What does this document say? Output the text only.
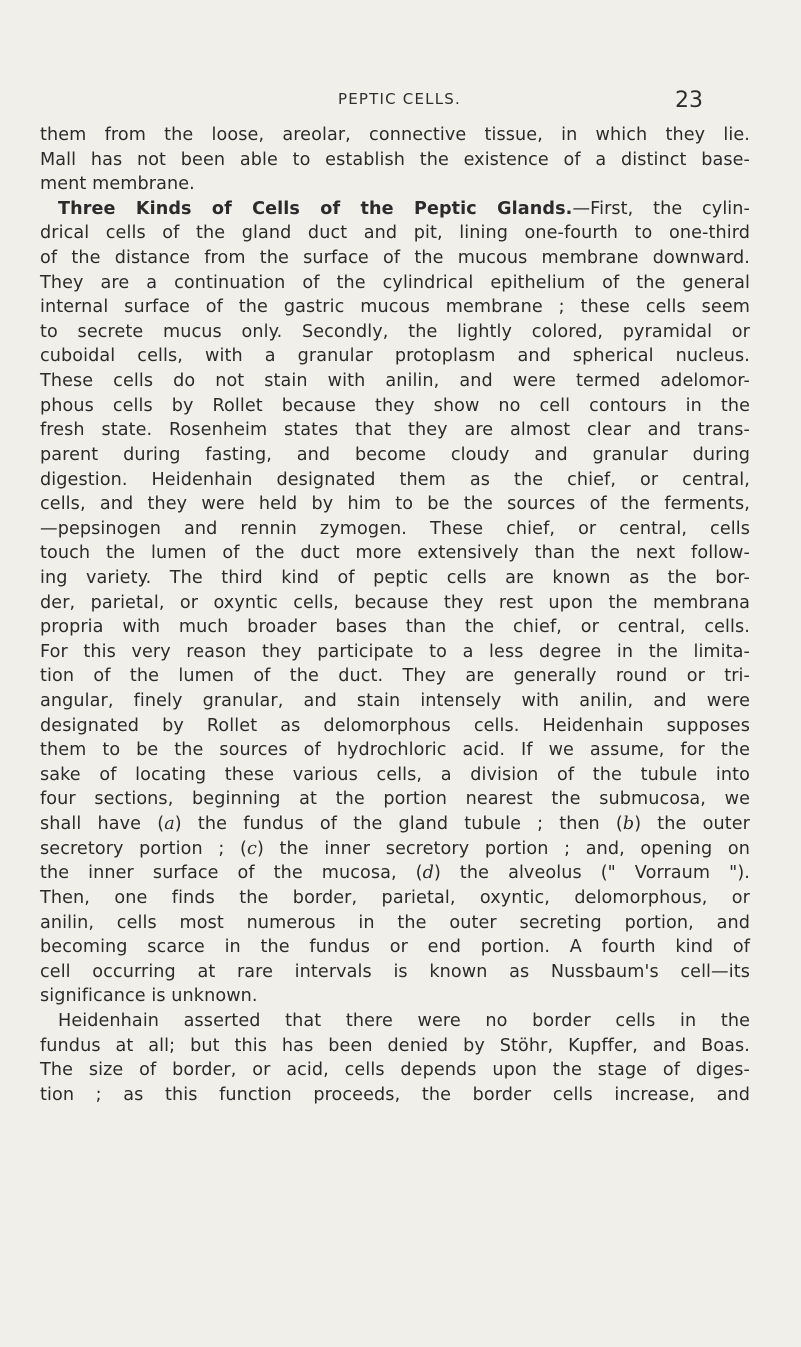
PEPTIC CELLS.	23
them from the loose, areolar, connective tissue, in which they lie.
Mall has not been able to establish the existence of a distinct base-
ment membrane.
Three Kinds of Cells of the Peptic Glands.—First, the cylin-
drical cells of the gland duct and pit, lining one-fourth to one-third
of the distance from the surface of the mucous membrane downward.
They are a continuation of the cylindrical epithelium of the general
internal surface of the gastric mucous membrane ; these cells seem
to secrete mucus only. Secondly, the lightly colored, pyramidal or
cuboidal cells, with a granular protoplasm and spherical nucleus.
These cells do not stain with anilin, and were termed adelomor-
phous cells by Rollet because they show no cell contours in the
fresh state. Rosenheim states that they are almost clear and trans-
parent during fasting, and become cloudy and granular during
digestion. Heidenhain designated them as the chief, or central,
cells, and they were held by him to be the sources of the ferments,
—pepsinogen and rennin zymogen. These chief, or central, cells
touch the lumen of the duct more extensively than the next follow-
ing variety. The third kind of peptic cells are known as the bor-
der, parietal, or oxyntic cells, because they rest upon the membrana
propria with much broader bases than the chief, or central, cells.
For this very reason they participate to a less degree in the limita-
tion of the lumen of the duct. They are generally round or tri-
angular, finely granular, and stain intensely with anilin, and were
designated by Rollet as delomorphous cells. Heidenhain supposes
them to be the sources of hydrochloric acid. If we assume, for the
sake of locating these various cells, a division of the tubule into
four sections, beginning at the portion nearest the submucosa, we
shall have (a) the fundus of the gland tubule ; then (b) the outer
secretory portion ; (c) the inner secretory portion ; and, opening on
the inner surface of the mucosa, (d) the alveolus (" Vorraum ").
Then, one finds the border, parietal, oxyntic, delomorphous, or
anilin, cells most numerous in the outer secreting portion, and
becoming scarce in the fundus or end portion. A fourth kind of
cell occurring at rare intervals is known as Nussbaum's cell—its
significance is unknown.
Heidenhain asserted that there were no border cells in the
fundus at all; but this has been denied by Stöhr, Kupffer, and Boas.
The size of border, or acid, cells depends upon the stage of diges-
tion ; as this function proceeds, the border cells increase, and
